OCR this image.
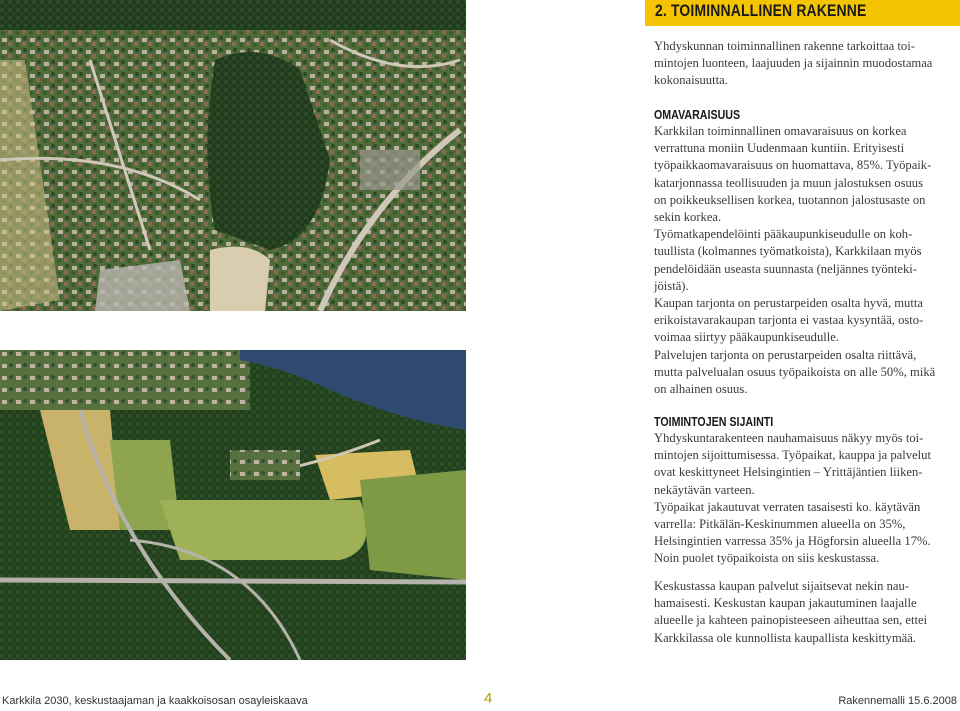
2. TOIMINNALLINEN RAKENNE

Yhdyskunnan toiminnallinen rakenne tarkoittaa toi-
mintojen luonteen, laajuuden ja sijainnin muodostamaa
kokonaisuutta.

OMAVARAISUUS

Karkkilan toiminnallinen omavaraisuus on korkea
verrattuna moniin Uudenmaan kuntiin. Erityisesti
työpaikkaomavaraisuus on huomattava, 85%. Työpaik-
katarjonnassa teollisuuden ja muun jalostuksen osuus
on poikkeuksellisen korkea, tuotannon jalostusaste on
sekin korkea.

Työmatkapendelöinti pääkaupunkiseudulle on koh-
tuullista (kolmannes työmatkoista), Karkkilaan myös
pendelöidään useasta suunnasta (neljännes työnteki-
jöistä).

Kaupan tarjonta on perustarpeiden osalta hyvä, mutta
erikoistavarakaupan tarjonta ei vastaa kysyntää, osto-
voimaa siirtyy pääkaupunkiseudulle.

Palvelujen tarjonta on perustarpeiden osalta riittävä,
mutta palvelualan osuus työpaikoista on alle 50%, mikä
on alhainen osuus.

TOIMINTOJEN SIJAINTI

Yhdyskuntarakenteen nauhamaisuus näkyy myös toi-
mintojen sijoittumisessa. Työpaikat, kauppa ja palvelut
ovat keskittyneet Helsingintien – Yrittäjäntien liiken-
nekäytävän varteen.

Työpaikat jakautuvat verraten tasaisesti ko. käytävän
varrella: Pitkälän-Keskinummen alueella on 35%,
Helsingintien varressa 35% ja Högforsin alueella 17%.
Noin puolet työpaikoista on siis keskustassa.

Keskustassa kaupan palvelut sijaitsevat nekin nau-
hamaisesti. Keskustan kaupan jakautuminen laajalle
alueelle ja kahteen painopisteeseen aiheuttaa sen, ettei
Karkkilassa ole kunnollista kaupallista keskittymää.

Karkkila 2030, keskustaajaman ja kaakkoisosan osayleiskaava	4	Rakennemalli 15.6.2008
